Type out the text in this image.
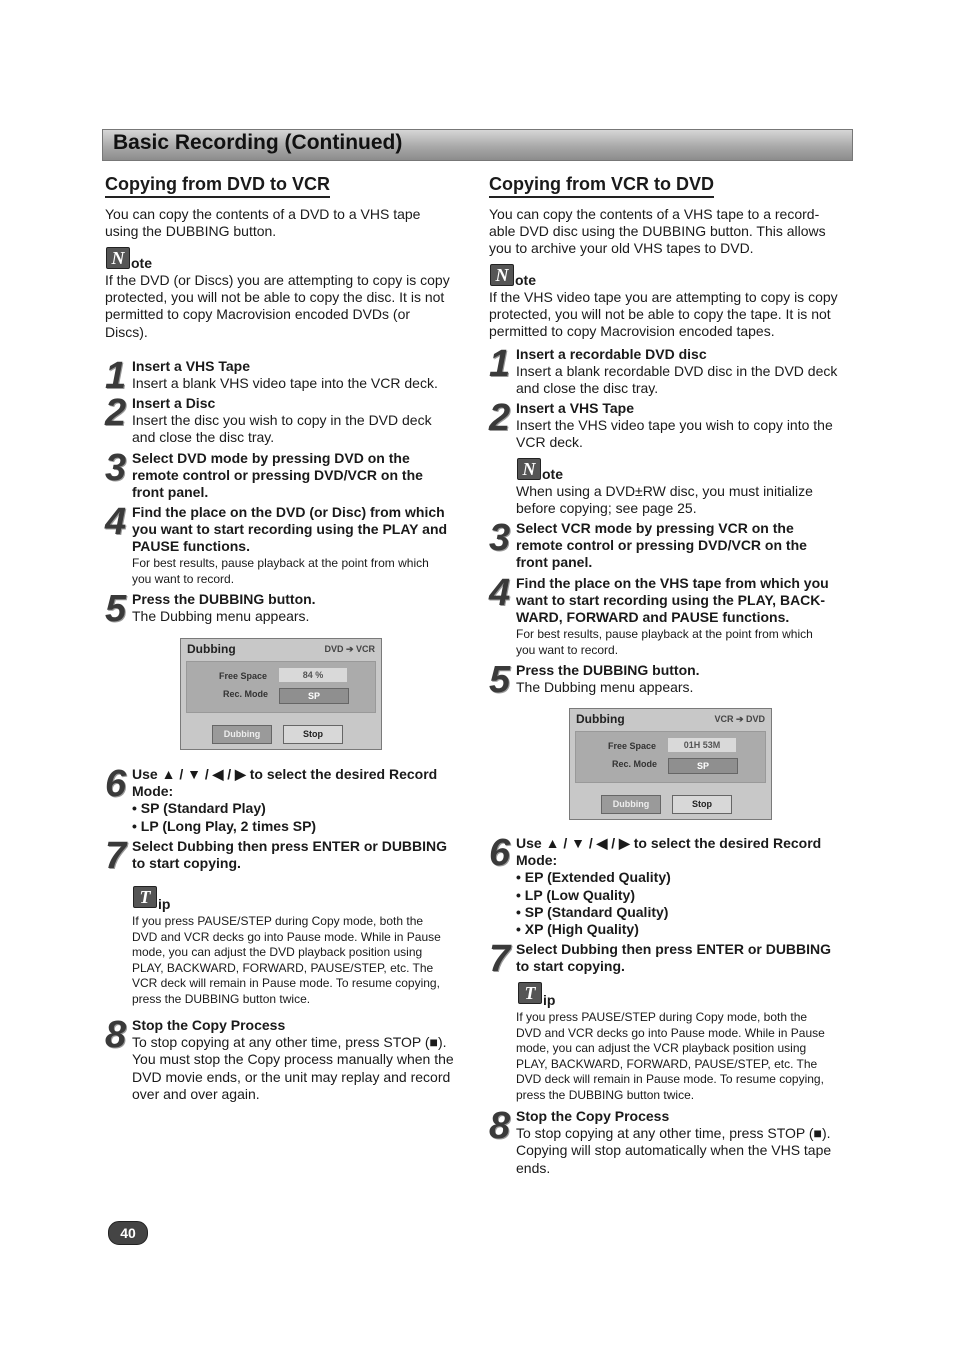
Basic Recording (Continued)
Copying from DVD to VCR
You can copy the contents of a DVD to a VHS tape
using the DUBBING button.
N ote
If the DVD (or Discs) you are attempting to copy is copy
protected, you will not be able to copy the disc. It is not
permitted to copy Macrovision encoded DVDs (or
Discs).
1 Insert a VHS Tape
Insert a blank VHS video tape into the VCR deck.
2 Insert a Disc
Insert the disc you wish to copy in the DVD deck
and close the disc tray.
3 Select DVD mode by pressing DVD on the
remote control or pressing DVD/VCR on the
front panel.
4 Find the place on the DVD (or Disc) from which
you want to start recording using the PLAY and
PAUSE functions.
For best results, pause playback at the point from which
you want to record.
5 Press the DUBBING button.
The Dubbing menu appears.
Dubbing	DVD ➔ VCR
Free Space	84 %
Rec. Mode	SP
Dubbing	Stop
6 Use ▲ / ▼ / ◀ / ▶ to select the desired Record
Mode:
• SP (Standard Play)
• LP (Long Play, 2 times SP)
7 Select Dubbing then press ENTER or DUBBING
to start copying.
T ip
If you press PAUSE/STEP during Copy mode, both the
DVD and VCR decks go into Pause mode. While in Pause
mode, you can adjust the DVD playback position using
PLAY, BACKWARD, FORWARD, PAUSE/STEP, etc. The
VCR deck will remain in Pause mode. To resume copying,
press the DUBBING button twice.
8 Stop the Copy Process
To stop copying at any other time, press STOP (■).
You must stop the Copy process manually when the
DVD movie ends, or the unit may replay and record
over and over again.
Copying from VCR to DVD
You can copy the contents of a VHS tape to a record-
able DVD disc using the DUBBING button. This allows
you to archive your old VHS tapes to DVD.
N ote
If the VHS video tape you are attempting to copy is copy
protected, you will not be able to copy the tape. It is not
permitted to copy Macrovision encoded tapes.
1 Insert a recordable DVD disc
Insert a blank recordable DVD disc in the DVD deck
and close the disc tray.
2 Insert a VHS Tape
Insert the VHS video tape you wish to copy into the
VCR deck.
N ote
When using a DVD±RW disc, you must initialize
before copying; see page 25.
3 Select VCR mode by pressing VCR on the
remote control or pressing DVD/VCR on the
front panel.
4 Find the place on the VHS tape from which you
want to start recording using the PLAY, BACK-
WARD, FORWARD and PAUSE functions.
For best results, pause playback at the point from which
you want to record.
5 Press the DUBBING button.
The Dubbing menu appears.
Dubbing	VCR ➔ DVD
Free Space	01H 53M
Rec. Mode	SP
Dubbing	Stop
6 Use ▲ / ▼ / ◀ / ▶ to select the desired Record
Mode:
• EP (Extended Quality)
• LP (Low Quality)
• SP (Standard Quality)
• XP (High Quality)
7 Select Dubbing then press ENTER or DUBBING
to start copying.
T ip
If you press PAUSE/STEP during Copy mode, both the
DVD and VCR decks go into Pause mode. While in Pause
mode, you can adjust the VCR playback position using
PLAY, BACKWARD, FORWARD, PAUSE/STEP, etc. The
DVD deck will remain in Pause mode. To resume copying,
press the DUBBING button twice.
8 Stop the Copy Process
To stop copying at any other time, press STOP (■).
Copying will stop automatically when the VHS tape
ends.
40
